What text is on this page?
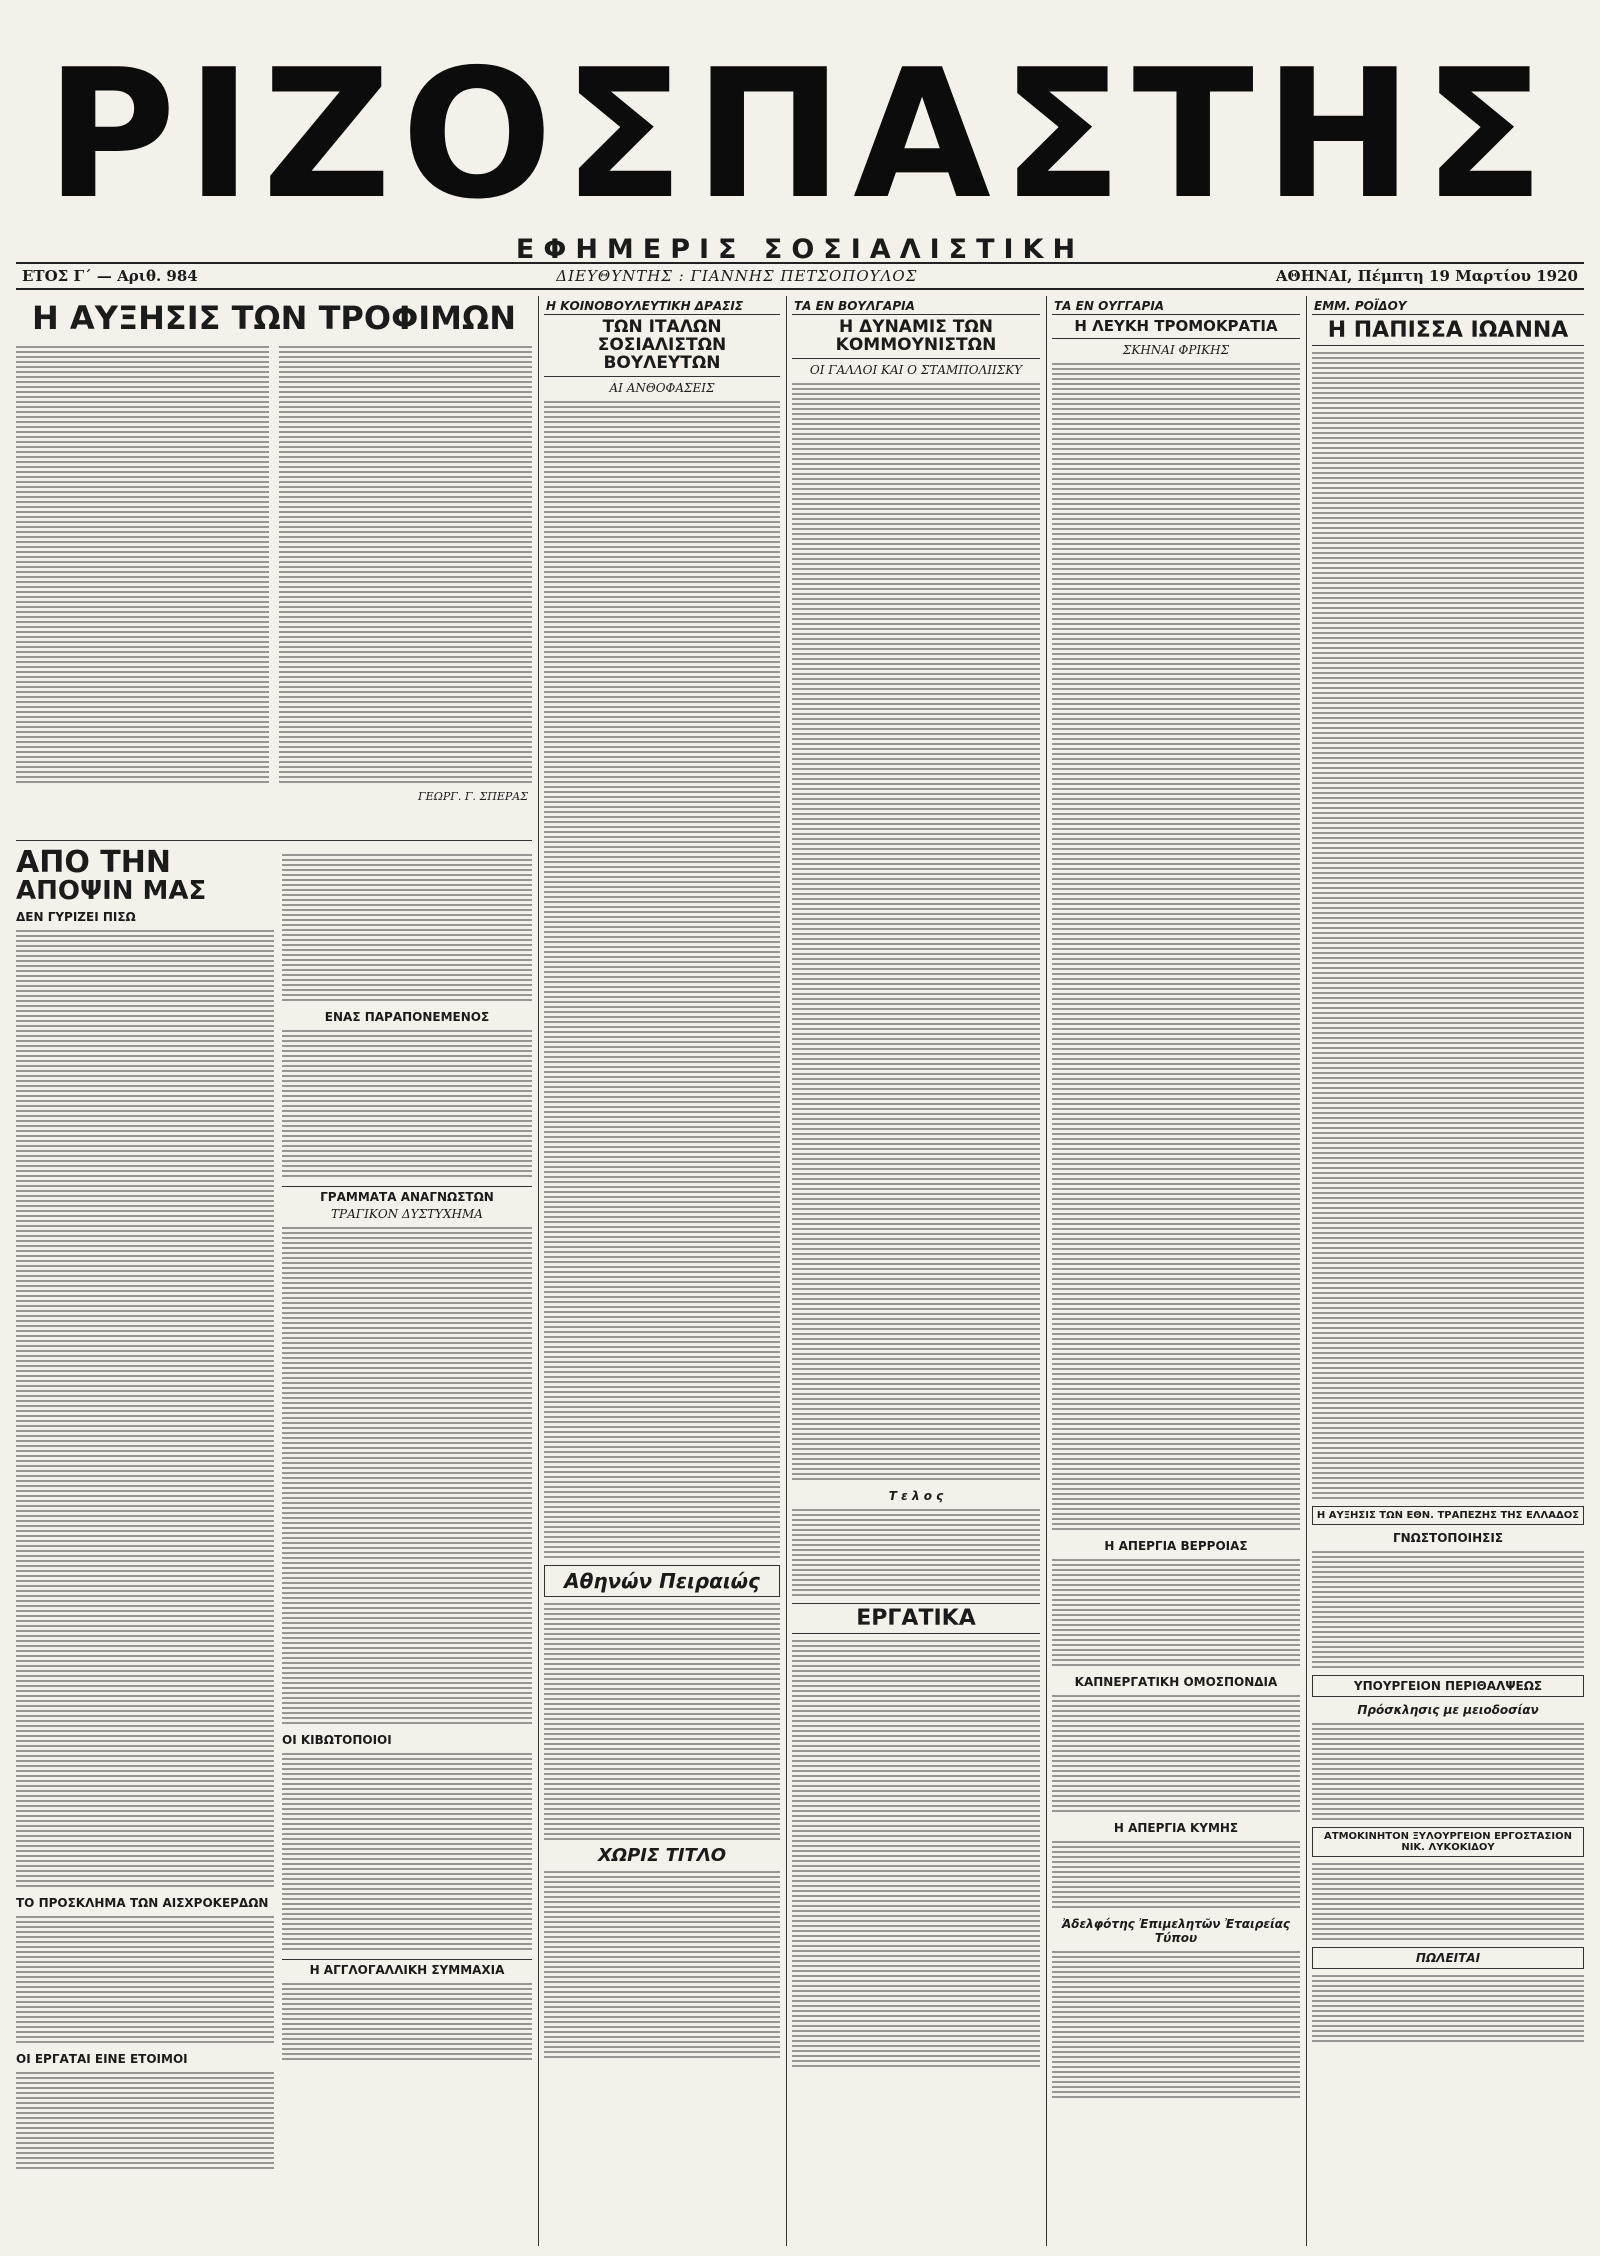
ΡΙΖΟΣΠΑΣΤΗΣ
ΕΦΗΜΕΡΙΣ ΣΟΣΙΑΛΙΣΤΙΚΗ
ΕΤΟΣ Γ΄ — Αριθ. 984	ΔΙΕΥΘΥΝΤΗΣ : ΓΙΑΝΝΗΣ ΠΕΤΣΟΠΟΥΛΟΣ	ΑΘΗΝΑΙ, Πέμπτη 19 Μαρτίου 1920
Η ΑΥΞΗΣΙΣ ΤΩΝ ΤΡΟΦΙΜΩΝ
ΓΕΩΡΓ. Γ. ΣΠΕΡΑΣ
ΑΠΟ ΤΗΝ
ΑΠΟΨΙΝ ΜΑΣ
ΔΕΝ ΓΥΡΙΖΕΙ ΠΙΣΩ
ΤΟ ΠΡΟΣΚΛΗΜΑ ΤΩΝ ΑΙΣΧΡΟΚΕΡΔΩΝ
ΟΙ ΕΡΓΑΤΑΙ ΕΙΝΕ ΕΤΟΙΜΟΙ
ΕΝΑΣ ΠΑΡΑΠΟΝΕΜΕΝΟΣ
ΓΡΑΜΜΑΤΑ ΑΝΑΓΝΩΣΤΩΝ
ΤΡΑΓΙΚΟΝ ΔΥΣΤΥΧΗΜΑ
ΟΙ ΚΙΒΩΤΟΠΟΙΟΙ
Η ΑΓΓΛΟΓΑΛΛΙΚΗ ΣΥΜΜΑΧΙΑ
Η ΚΟΙΝΟΒΟΥΛΕΥΤΙΚΗ ΔΡΑΣΙΣ
ΤΩΝ ΙΤΑΛΩΝ ΣΟΣΙΑΛΙΣΤΩΝ ΒΟΥΛΕΥΤΩΝ
ΑΙ ΑΝΘΟΦΑΣΕΙΣ
Αθηνών Πειραιώς
ΧΩΡΙΣ ΤΙΤΛΟ
ΤΑ ΕΝ ΒΟΥΛΓΑΡΙΑ
Η ΔΥΝΑΜΙΣ ΤΩΝ ΚΟΜΜΟΥΝΙΣΤΩΝ
ΟΙ ΓΑΛΛΟΙ ΚΑΙ Ο ΣΤΑΜΠΟΛΙΙΣΚΥ
Τ ε λ ο ς
ΕΡΓΑΤΙΚΑ
ΤΑ ΕΝ ΟΥΓΓΑΡΙΑ
Η ΛΕΥΚΗ ΤΡΟΜΟΚΡΑΤΙΑ
ΣΚΗΝΑΙ ΦΡΙΚΗΣ
Η ΑΠΕΡΓΙΑ ΒΕΡΡΟΙΑΣ
ΚΑΠΝΕΡΓΑΤΙΚΗ ΟΜΟΣΠΟΝΔΙΑ
Η ΑΠΕΡΓΙΑ ΚΥΜΗΣ
Ἀδελφότης Ἐπιμελητῶν Ἐταιρείας Τύπου
ΕΜΜ. ΡΟΪΔΟΥ
Η ΠΑΠΙΣΣΑ ΙΩΑΝΝΑ
Η ΑΥΞΗΣΙΣ ΤΩΝ ΕΘΝ. ΤΡΑΠΕΖΗΣ ΤΗΣ ΕΛΛΑΔΟΣ
ΓΝΩΣΤΟΠΟΙΗΣΙΣ
ΥΠΟΥΡΓΕΙΟΝ ΠΕΡΙΘΑΛΨΕΩΣ
Πρόσκλησις με μειοδοσίαν
ΑΤΜΟΚΙΝΗΤΟΝ ΞΥΛΟΥΡΓΕΙΟΝ ΕΡΓΟΣΤΑΣΙΟΝ ΝΙΚ. ΛΥΚΟΚΙΔΟΥ
ΠΩΛΕΙΤΑΙ
